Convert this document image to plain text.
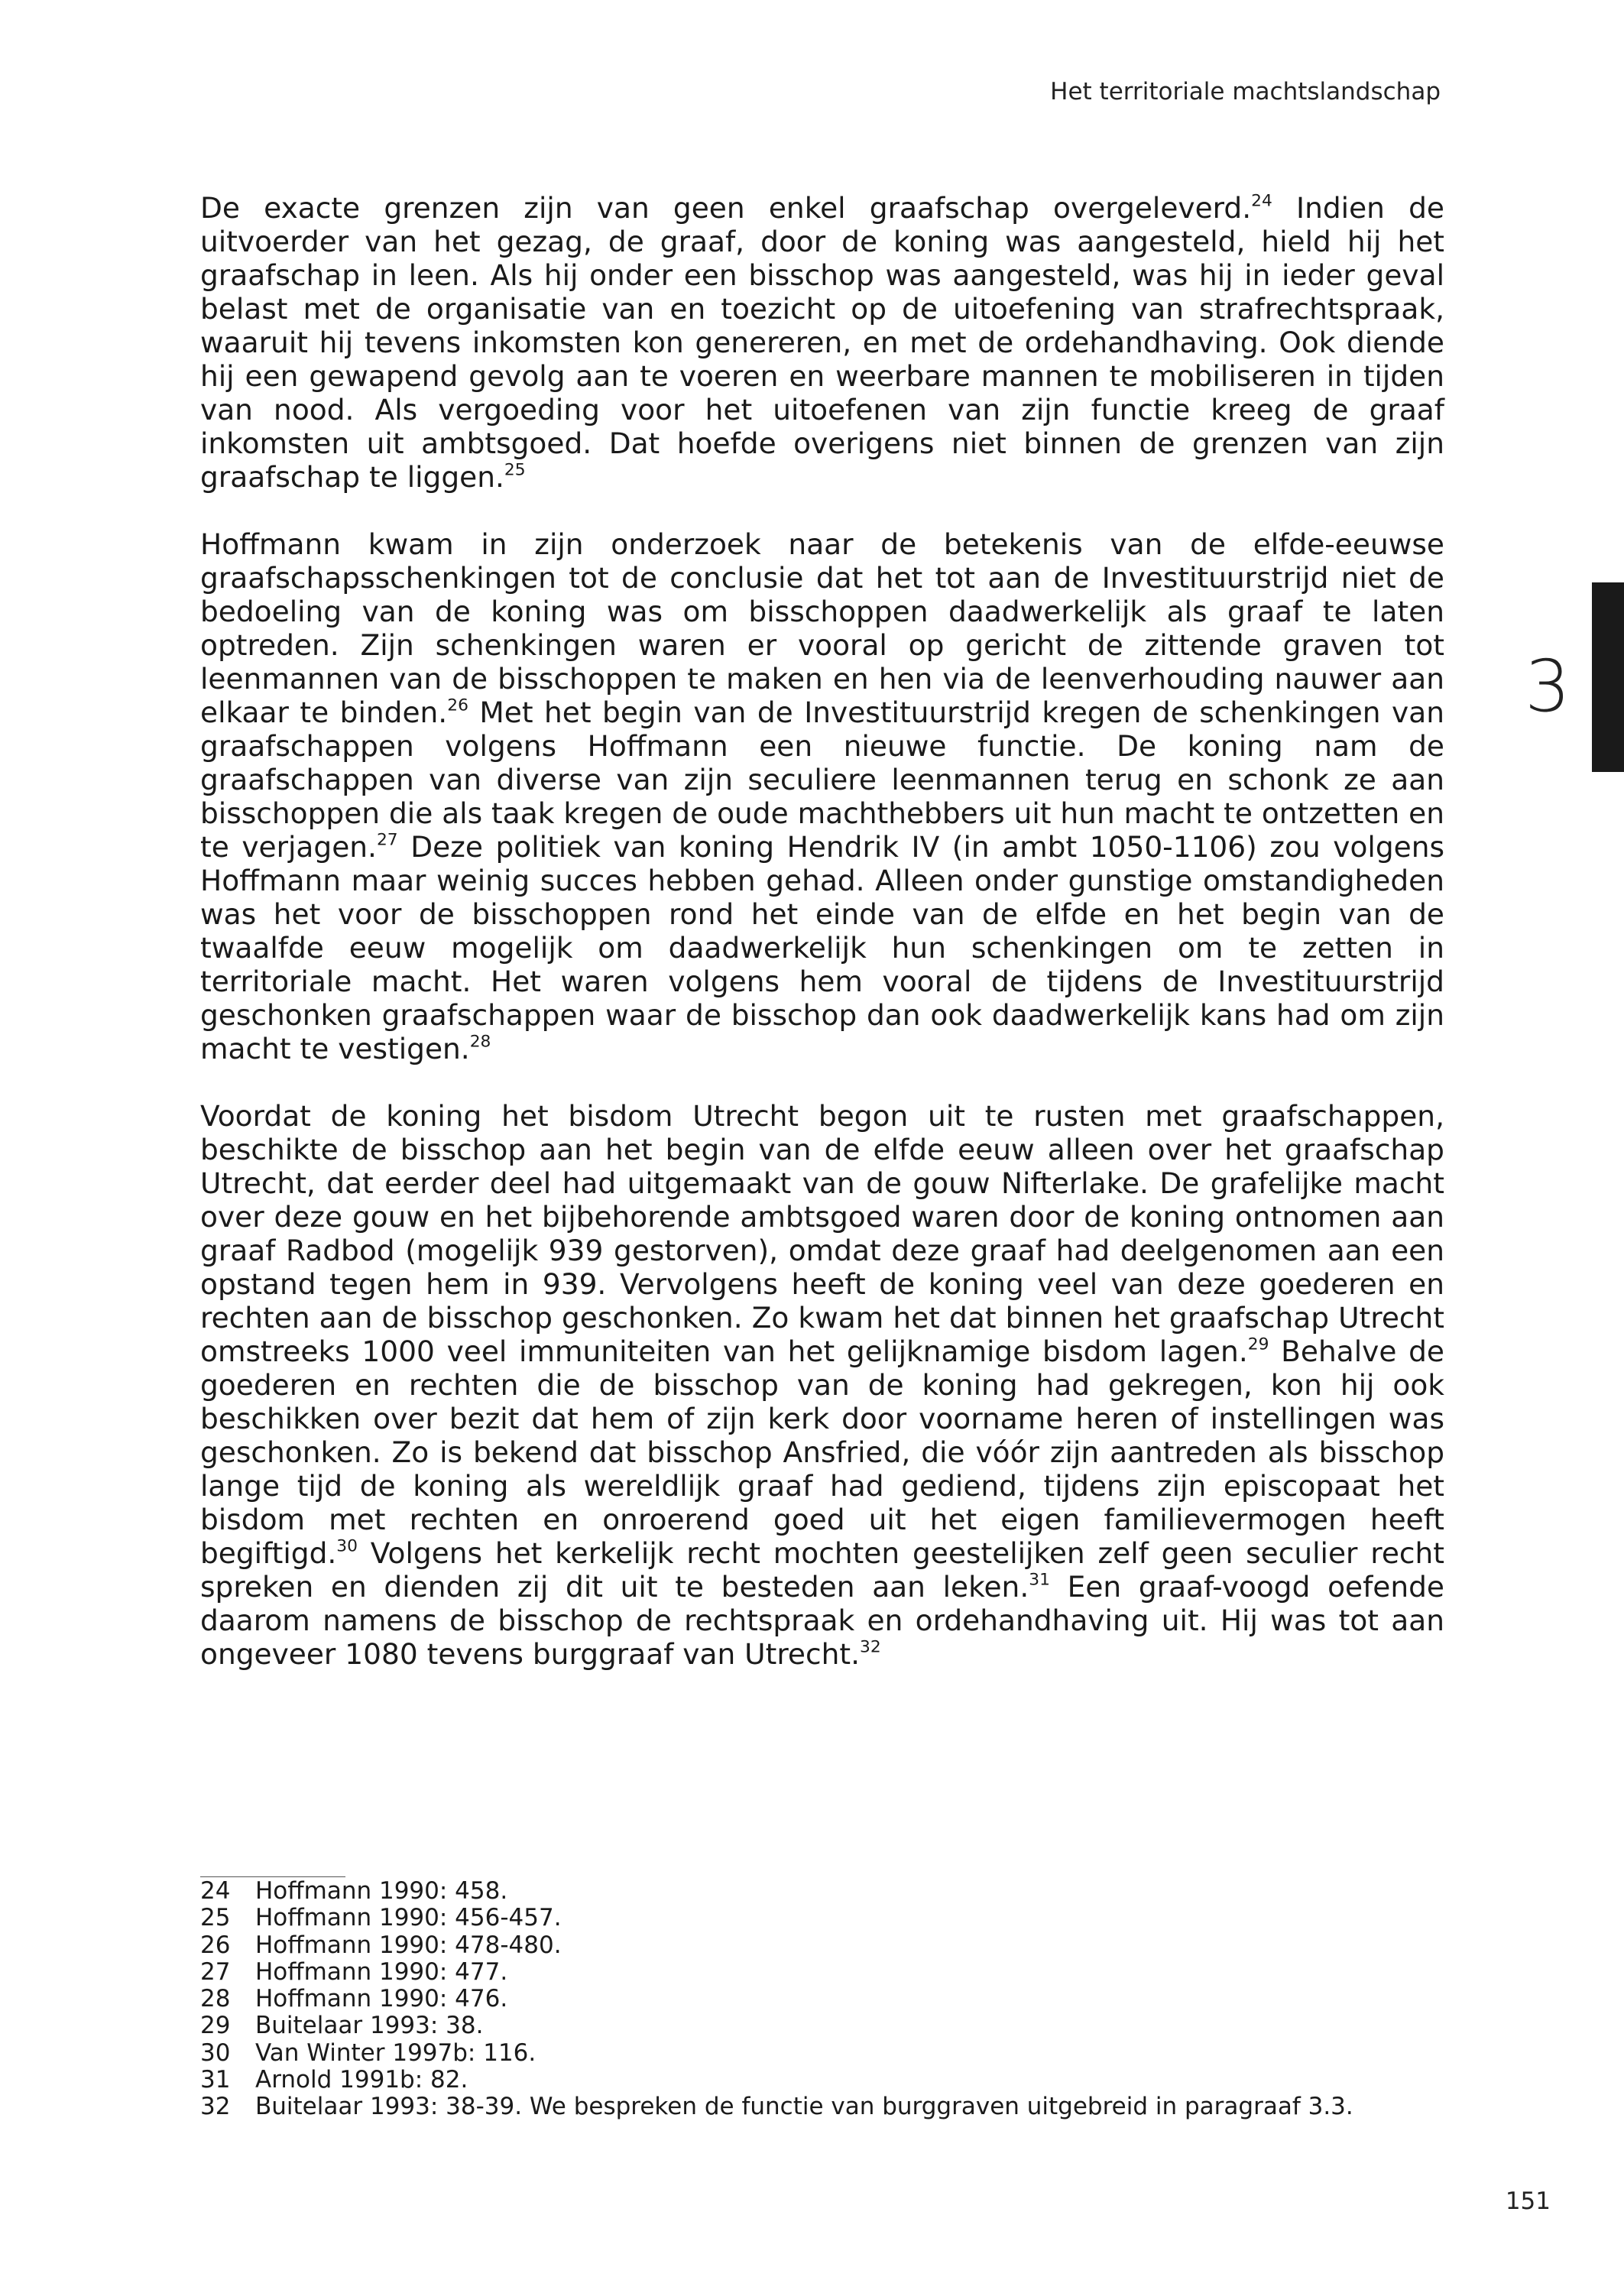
Het territoriale machtslandschap
3

De exacte grenzen zijn van geen enkel graafschap overgeleverd.$^{24}$ Indien de uitvoerder van het gezag, de graaf, door de koning was aangesteld, hield hij het graafschap in leen. Als hij onder een bisschop was aangesteld, was hij in ieder geval belast met de organisatie van en toezicht op de uitoefening van strafrechtspraak, waaruit hij tevens inkomsten kon genereren, en met de ordehandhaving. Ook diende hij een gewapend gevolg aan te voeren en weerbare mannen te mobiliseren in tijden van nood. Als vergoeding voor het uitoefenen van zijn functie kreeg de graaf inkomsten uit ambtsgoed. Dat hoefde overigens niet binnen de grenzen van zijn graafschap te liggen.$^{25}$

Hoffmann kwam in zijn onderzoek naar de betekenis van de elfde-eeuwse graafschapsschenkingen tot de conclusie dat het tot aan de Investituurstrijd niet de bedoeling van de koning was om bisschoppen daadwerkelijk als graaf te laten optreden. Zijn schenkingen waren er vooral op gericht de zittende graven tot leenmannen van de bisschoppen te maken en hen via de leenverhouding nauwer aan elkaar te binden.$^{26}$ Met het begin van de Investituurstrijd kregen de schenkingen van graafschappen volgens Hoffmann een nieuwe functie. De koning nam de graafschappen van diverse van zijn seculiere leenmannen terug en schonk ze aan bisschoppen die als taak kregen de oude machthebbers uit hun macht te ontzetten en te verjagen.$^{27}$ Deze politiek van koning Hendrik IV (in ambt 1050-1106) zou volgens Hoffmann maar weinig succes hebben gehad. Alleen onder gunstige omstandigheden was het voor de bisschoppen rond het einde van de elfde en het begin van de twaalfde eeuw mogelijk om daadwerkelijk hun schenkingen om te zetten in territoriale macht. Het waren volgens hem vooral de tijdens de Investituurstrijd geschonken graafschappen waar de bisschop dan ook daadwerkelijk kans had om zijn macht te vestigen.$^{28}$

Voordat de koning het bisdom Utrecht begon uit te rusten met graafschappen, beschikte de bisschop aan het begin van de elfde eeuw alleen over het graafschap Utrecht, dat eerder deel had uitgemaakt van de gouw Nifterlake. De grafelijke macht over deze gouw en het bijbehorende ambtsgoed waren door de koning ontnomen aan graaf Radbod (mogelijk 939 gestorven), omdat deze graaf had deelgenomen aan een opstand tegen hem in 939. Vervolgens heeft de koning veel van deze goederen en rechten aan de bisschop geschonken. Zo kwam het dat binnen het graafschap Utrecht omstreeks 1000 veel immuniteiten van het gelijknamige bisdom lagen.$^{29}$ Behalve de goederen en rechten die de bisschop van de koning had gekregen, kon hij ook beschikken over bezit dat hem of zijn kerk door voorname heren of instellingen was geschonken. Zo is bekend dat bisschop Ansfried, die vóór zijn aantreden als bisschop lange tijd de koning als wereldlijk graaf had gediend, tijdens zijn episcopaat het bisdom met rechten en onroerend goed uit het eigen familievermogen heeft begiftigd.$^{30}$ Volgens het kerkelijk recht mochten geestelijken zelf geen seculier recht spreken en dienden zij dit uit te besteden aan leken.$^{31}$ Een graaf-voogd oefende daarom namens de bisschop de rechtspraak en ordehandhaving uit. Hij was tot aan ongeveer 1080 tevens burggraaf van Utrecht.$^{32}$

24	Hoffmann 1990: 458.
25	Hoffmann 1990: 456-457.
26	Hoffmann 1990: 478-480.
27	Hoffmann 1990: 477.
28	Hoffmann 1990: 476.
29	Buitelaar 1993: 38.
30	Van Winter 1997b: 116.
31	Arnold 1991b: 82.
32	Buitelaar 1993: 38-39. We bespreken de functie van burggraven uitgebreid in paragraaf 3.3.
151
